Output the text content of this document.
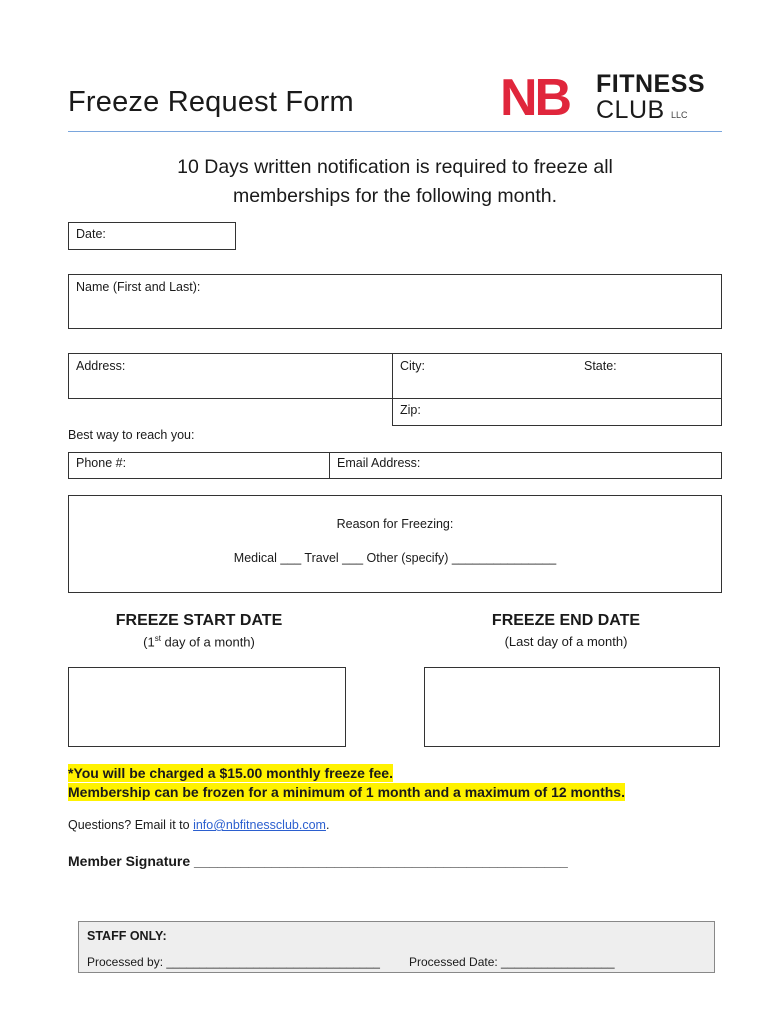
Freeze Request Form	NB FITNESS
CLUB LLC
10 Days written notification is required to freeze all
memberships for the following month.
Date:
Name (First and Last):
Address:	City:	State:
Zip:
Best way to reach you:
Phone #:	Email Address:
Reason for Freezing:
Medical ___ Travel ___ Other (specify) _______________
FREEZE START DATE
(1st day of a month)
FREEZE END DATE
(Last day of a month)
*You will be charged a $15.00 monthly freeze fee.
Membership can be frozen for a minimum of 1 month and a maximum of 12 months.
Questions? Email it to info@nbfitnessclub.com.
Member Signature ________________________________________________
STAFF ONLY:
Processed by: ________________________________ Processed Date: _________________
